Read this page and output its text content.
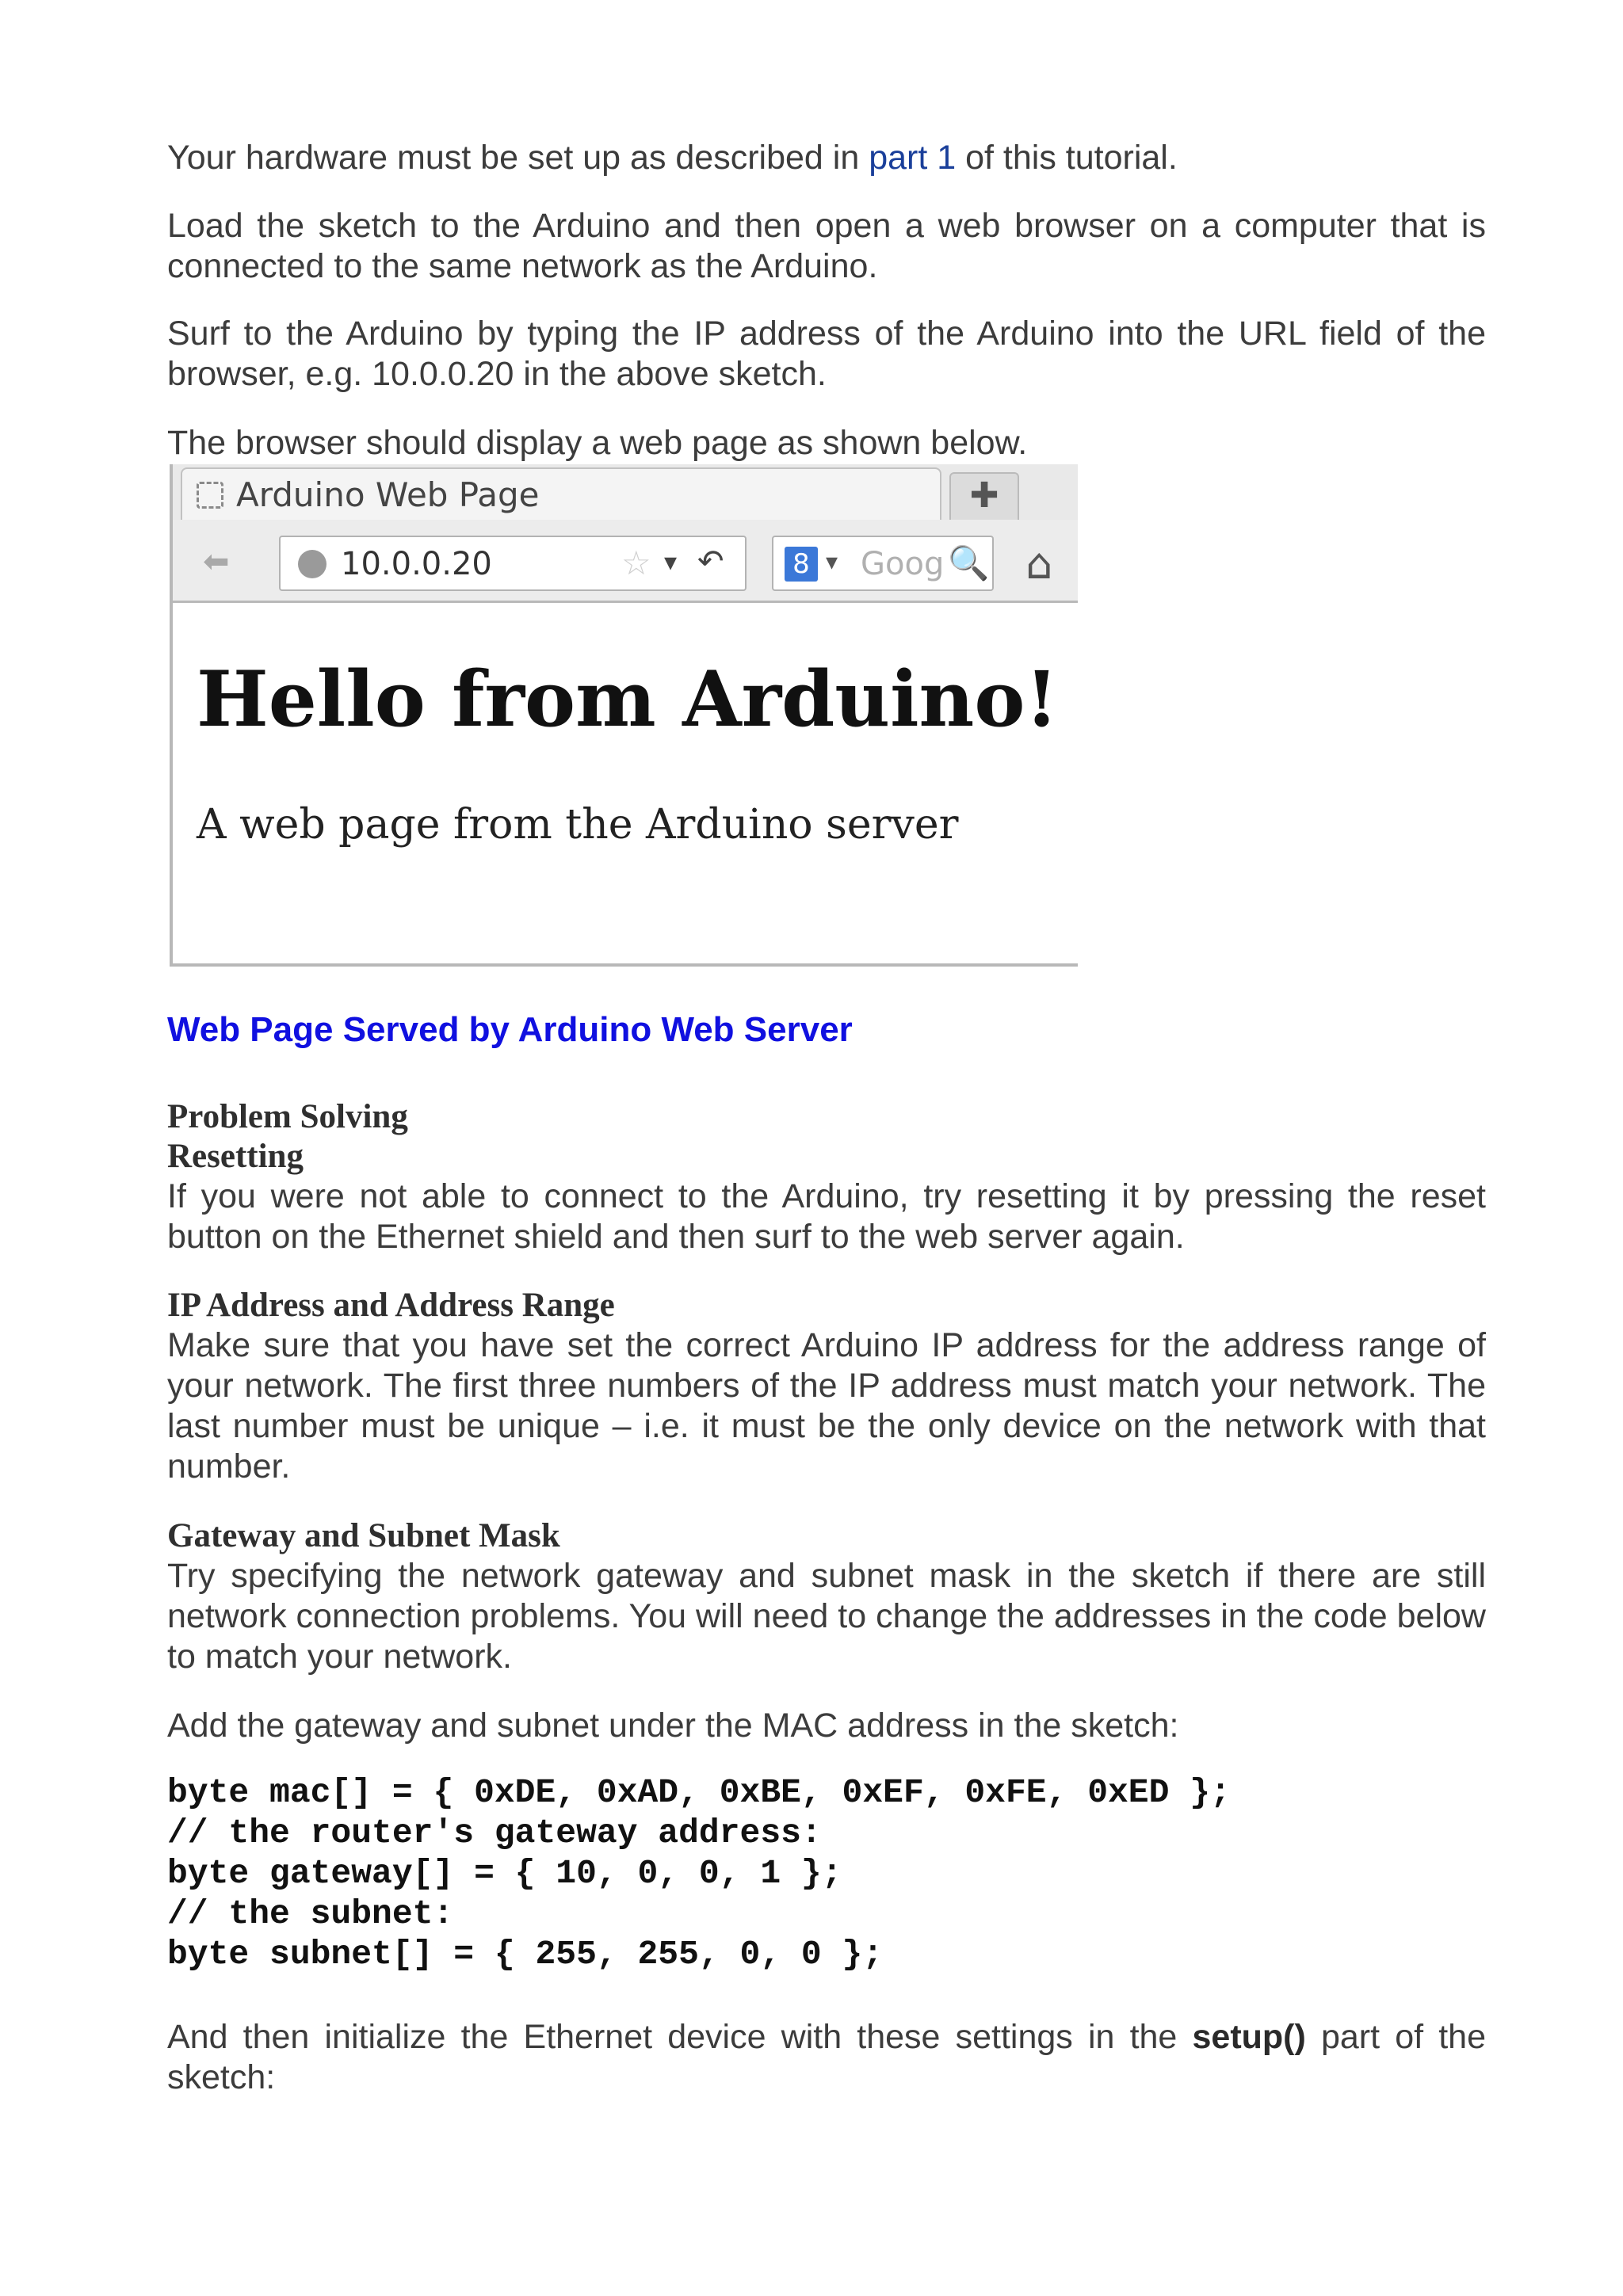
Your hardware must be set up as described in part 1 of this tutorial.

Load the sketch to the Arduino and then open a web browser on a computer that is connected to the same network as the Arduino.

Surf to the Arduino by typing the IP address of the Arduino into the URL field of the browser, e.g. 10.0.0.20 in the above sketch.

The browser should display a web page as shown below.

Web Page Served by Arduino Web Server

Problem Solving

Resetting

If you were not able to connect to the Arduino, try resetting it by pressing the reset button on the Ethernet shield and then surf to the web server again.

IP Address and Address Range

Make sure that you have set the correct Arduino IP address for the address range of your network. The first three numbers of the IP address must match your network. The last number must be unique – i.e. it must be the only device on the network with that number.

Gateway and Subnet Mask

Try specifying the network gateway and subnet mask in the sketch if there are still network connection problems. You will need to change the addresses in the code below to match your network.

Add the gateway and subnet under the MAC address in the sketch:

byte mac[] = { 0xDE, 0xAD, 0xBE, 0xEF, 0xFE, 0xED };

// the router's gateway address:

byte gateway[] = { 10, 0, 0, 1 };

// the subnet:

byte subnet[] = { 255, 255, 0, 0 };

And then initialize the Ethernet device with these settings in the setup() part of the sketch:

Arduino Web Page	✚
⬅	10.0.0.20	☆ ▾ ↶	8 ▾ Goog 🔍 ⌂
Hello from Arduino!
A web page from the Arduino server
